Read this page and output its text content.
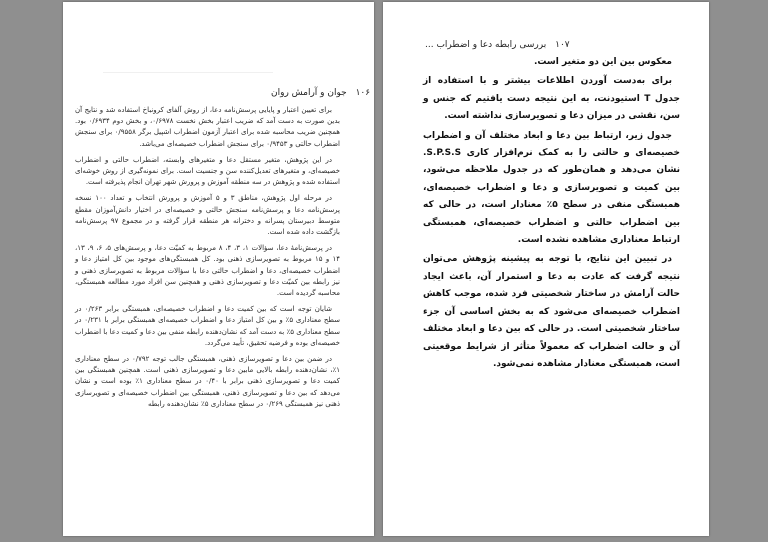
۱۰۶ جوان و آرامش روان

برای تعیین اعتبار و پایایی پرسش‌نامه دعا، از روش آلفای کرونباخ استفاده شد و نتایج آن بدین صورت به دست آمد که ضریب اعتبار بخش نخست ۰/۶۹۷۸، و بخش دوم ۰/۶۹۳۴ بود. همچنین ضریب محاسبه شده برای اعتبار آزمون اضطراب اشپیل برگر ۰/۹۵۵۸ برای سنجش اضطراب حالتی و ۰/۹۴۵۳ برای سنجش اضطراب خصیصه‌ای می‌باشد.

در این پژوهش، متغیر مستقل دعا و متغیرهای وابسته، اضطراب حالتی و اضطراب خصیصه‌ای، و متغیرهای تعدیل‌کننده سن و جنسیت است. برای نمونه‌گیری از روش خوشه‌ای استفاده شده و پژوهش در سه منطقه آموزش و پرورش شهر تهران انجام پذیرفته است.

در مرحله اول پژوهش، مناطق ۳ و ۵ آموزش و پرورش انتخاب و تعداد ۱۰۰ نسخه پرسش‌نامه دعا و پرسش‌نامه سنجش حالتی و خصیصه‌ای در اختیار دانش‌آموزان مقطع متوسط دبیرستان پسرانه و دخترانه هر منطقه قرار گرفته و در مجموع ۹۷ پرسش‌نامه بازگشت داده شده است.

در پرسش‌نامهٔ دعا، سؤالات ۱، ۳، ۴، ۸ مربوط به کمیّت دعا، و پرسش‌های ۵، ۶، ۹، ۱۳، ۱۴ و ۱۵ مربوط به تصویرسازی ذهنی بود. کل همبستگی‌های موجود بین کل امتیاز دعا و اضطراب خصیصه‌ای، دعا و اضطراب حالتی دعا با سؤالات مربوط به تصویرسازی ذهنی و نیز رابطه بین کمیّت دعا و تصویرسازی ذهنی و همچنین سن افراد مورد مطالعه همبستگی، محاسبه گردیده است.

شایان توجه است که بین کمیت دعا و اضطراب خصیصه‌ای، همبستگی برابر ۰/۲۶۳ در سطح معناداری ۵٪ و بین کل امتیاز دعا و اضطراب خصیصه‌ای همبستگی برابر با ۰/۲۳۱ در سطح معناداری ۵٪ به دست آمد که نشان‌دهنده رابطه منفی بین دعا و کمیت دعا با اضطراب خصیصه‌ای بوده و فرضیه تحقیق، تأیید می‌گردد.

در ضمن بین دعا و تصویرسازی ذهنی، همبستگی جالب توجه ۰/۷۹۲ در سطح معناداری ۱٪، نشان‌دهنده رابطه بالایی مابین دعا و تصویرسازی ذهنی است. همچنین همبستگی بین کمیت دعا و تصویرسازی ذهنی برابر با ۰/۴۰ در سطح معناداری ۱٪ بوده است و نشان می‌دهد که بین دعا و تصویرسازی ذهنی، همبستگی بین اضطراب خصیصه‌ای و تصویرسازی ذهنی نیز همبستگی ۰/۲۶۹ در سطح معناداری ۵٪ نشان‌دهنده رابطه

۱۰۷ بررسی رابطه دعا و اضطراب ...

معکوس بین این دو متغیر است.

برای به‌دست آوردن اطلاعات بیشتر و با استفاده از جدول T استیودنت، به این نتیجه دست یافتیم که جنس و سن، نقشی در میزان دعا و تصویرسازی نداشته است.

جدول زیر، ارتباط بین دعا و ابعاد مختلف آن و اضطراب خصیصه‌ای و حالتی را به کمک نرم‌افزار کاری S.P.S.S. نشان می‌دهد و همان‌طور که در جدول ملاحظه می‌شود، بین کمیت و تصویرسازی و دعا و اضطراب خصیصه‌ای، همبستگی منفی در سطح ۵٪ معنادار است، در حالی که بین اضطراب حالتی و اضطراب خصیصه‌ای، همبستگی ارتباط معناداری مشاهده نشده است.

در تبیین این نتایج، با توجه به پیشینه پژوهش می‌توان نتیجه گرفت که عادت به دعا و استمرار آن، باعث ایجاد حالت آرامش در ساختار شخصیتی فرد شده، موجب کاهش اضطراب خصیصه‌ای می‌شود که به بخش اساسی آن جزء ساختار شخصیتی است. در حالی که بین دعا و ابعاد مختلف آن و حالت اضطراب که معمولاً متأثر از شرایط موقعیتی است، همبستگی معنادار مشاهده نمی‌شود.
